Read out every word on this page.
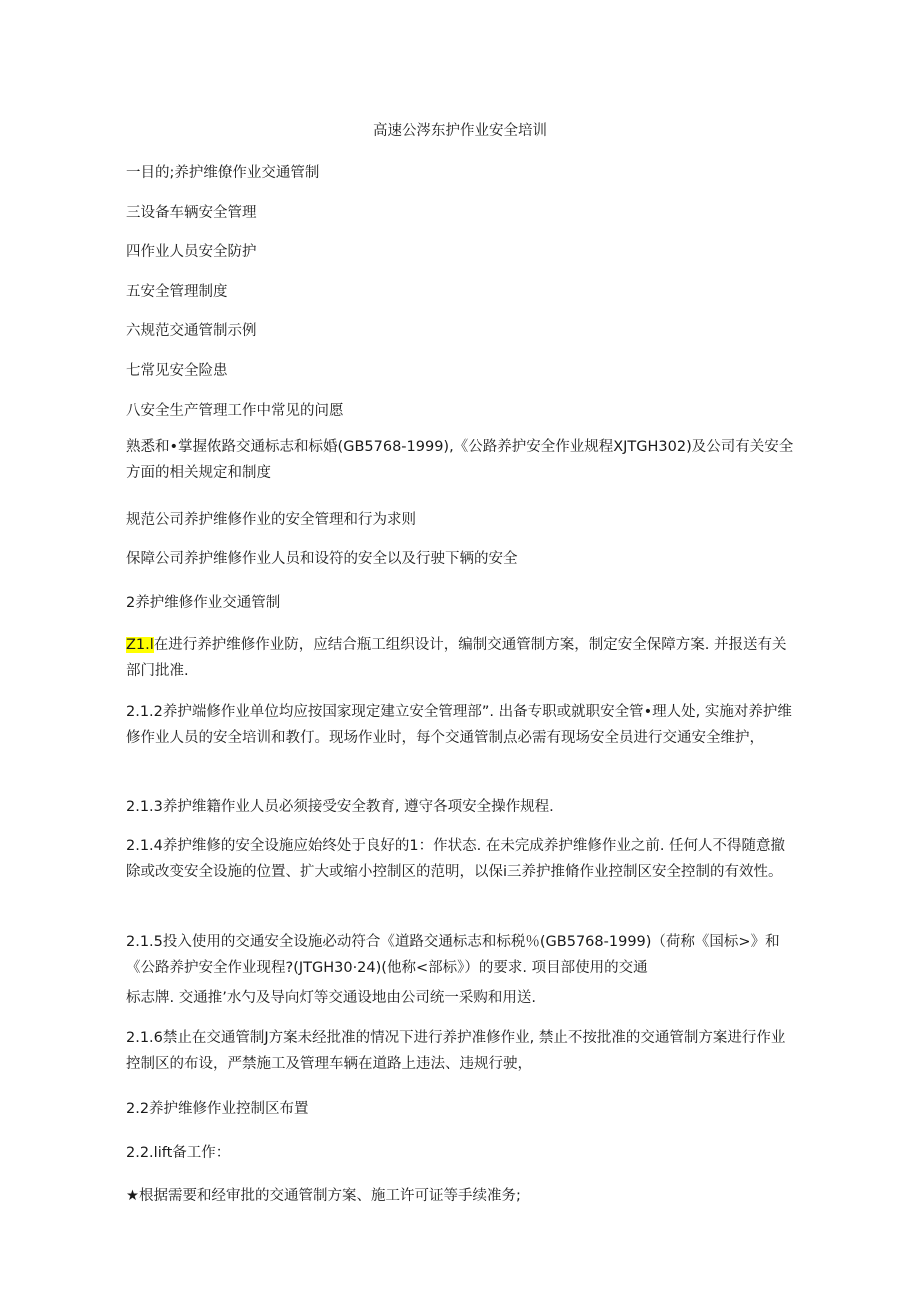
高速公涔东护作业安全培训
一目的;养护维僚作业交通管制
三设备车辆安全管理
四作业人员安全防护
五安全管理制度
六规范交通管制示例
七常见安全险患
八安全生产管理工作中常见的问愿
熟悉和•掌握侬路交通标志和标婚(GB5768-1999),《公路养护安全作业规程XJTGH302)及公司有关安全方面的相关规定和制度
规范公司养护维修作业的安全管理和行为求则
保障公司养护维修作业人员和设符的安全以及行驶下辆的安全
2养护维修作业交通管制
Z1.l在进行养护维修作业防，应结合瓶工组织设计，编制交通管制方案，制定安全保障方案. 并报送有关部门批准.
2.1.2养护端修作业单位均应按国家现定建立安全管理部”. 出备专职或就职安全管•理人处, 实施对养护维修作业人员的安全培训和教仃。现场作业时，每个交通管制点必需有现场安全员进行交通安全维护，
2.1.3养护维籍作业人员必须接受安全教育, 遵守各项安全操作规程.
2.1.4养护维修的安全设施应始终处于良好的1：作状态. 在未完成养护维修作业之前. 任何人不得随意撤除或改变安全设施的位置、扩大或缩小控制区的范明，以保i三养护推脩作业控制区安全控制的有效性。
2.1.5投入使用的交通安全设施必动符合《道路交通标志和标税％(GB5768-1999)（荷称《国标>》和《公路养护安全作业现程?(JTGH30·24)(他称<部标》）的要求. 项目部使用的交通
标志牌. 交通推’水勺及导向灯等交通设地由公司统一采购和用送.
2.1.6禁止在交通管制J方案未经批准的情况下进行养护准修作业, 禁止不按批准的交通管制方案进行作业控制区的布设，严禁施工及管理车辆在道路上违法、违规行驶，
2.2养护维修作业控制区布置
2.2.lift备工作：
★根据需要和经审批的交通管制方案、施工许可证等手续准务;
